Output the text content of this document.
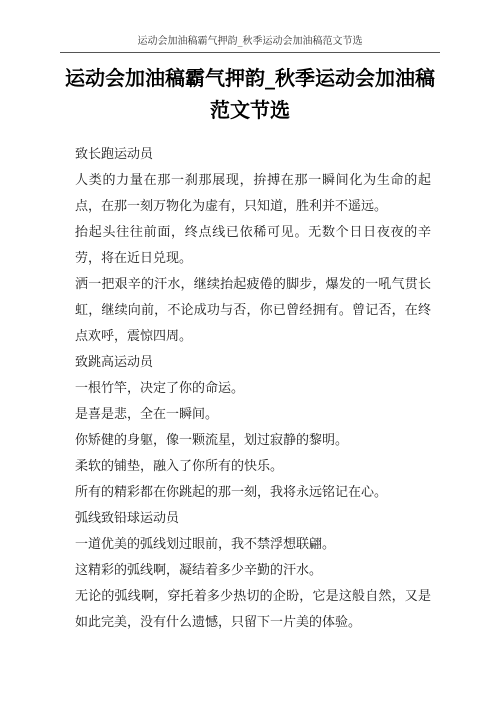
运动会加油稿霸气押韵_秋季运动会加油稿范文节选
运动会加油稿霸气押韵_秋季运动会加油稿范文节选

致长跑运动员

人类的力量在那一刹那展现，拚搏在那一瞬间化为生命的起点，在那一刻万物化为虚有，只知道，胜利并不遥远。

抬起头往往前面，终点线已依稀可见。无数个日日夜夜的辛劳，将在近日兑现。

洒一把艰辛的汗水，继续抬起疲倦的脚步，爆发的一吼气贯长虹，继续向前，不论成功与否，你已曾经拥有。曾记否，在终点欢呼，震惊四周。

致跳高运动员

一根竹竿，决定了你的命运。

是喜是悲，全在一瞬间。

你矫健的身躯，像一颗流星，划过寂静的黎明。

柔软的铺垫，融入了你所有的快乐。

所有的精彩都在你跳起的那一刻，我将永远铭记在心。

弧线致铅球运动员

一道优美的弧线划过眼前，我不禁浮想联翩。

这精彩的弧线啊，凝结着多少辛勤的汗水。

无论的弧线啊，穿托着多少热切的企盼，它是这般自然，又是如此完美，没有什么遗憾，只留下一片美的体验。
